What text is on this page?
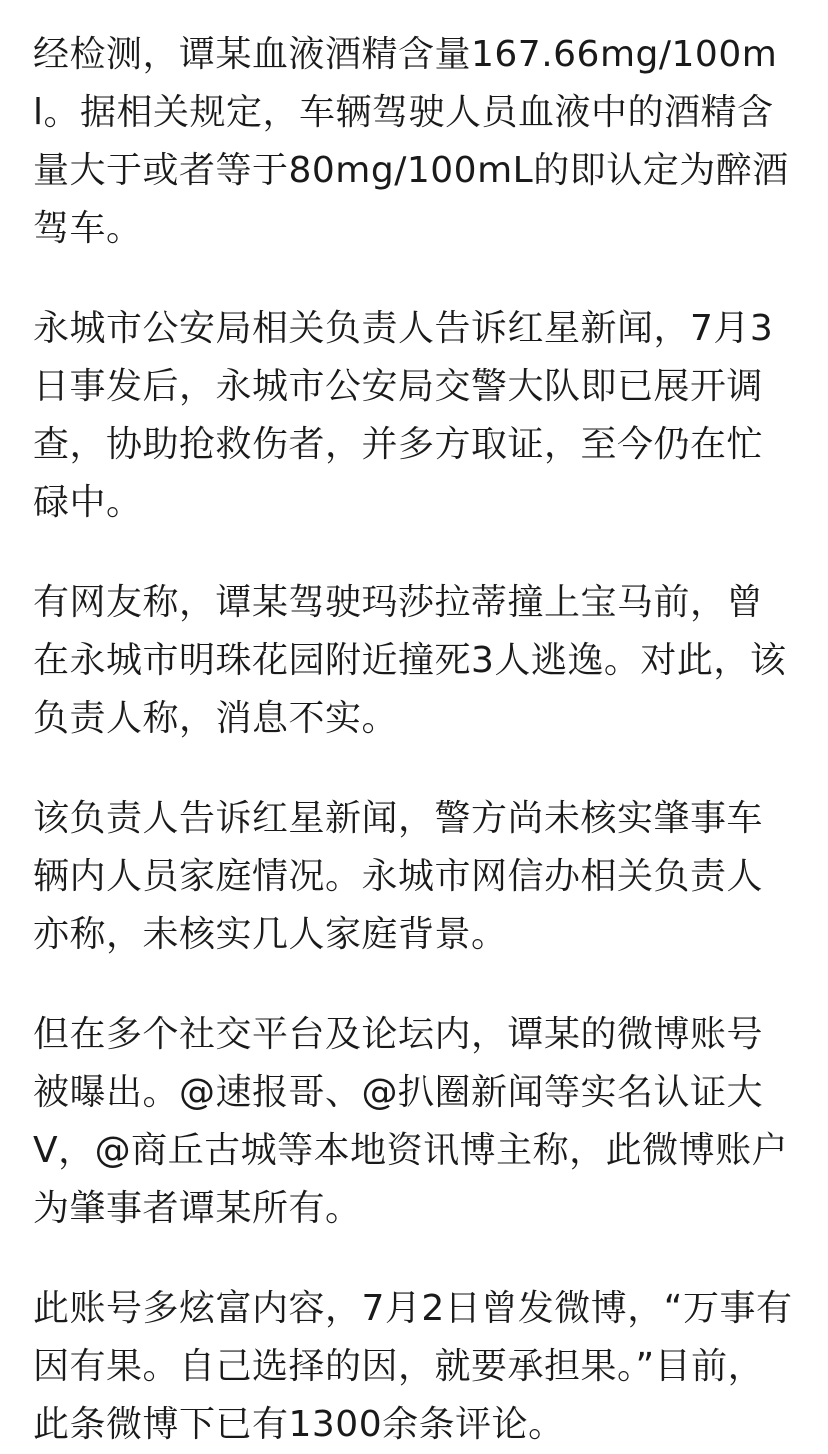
经检测，谭某血液酒精含量167.66mg/100ml。据相关规定，车辆驾驶人员血液中的酒精含量大于或者等于80mg/100mL的即认定为醉酒驾车。

永城市公安局相关负责人告诉红星新闻，7月3日事发后，永城市公安局交警大队即已展开调查，协助抢救伤者，并多方取证，至今仍在忙碌中。

有网友称，谭某驾驶玛莎拉蒂撞上宝马前，曾在永城市明珠花园附近撞死3人逃逸。对此，该负责人称，消息不实。

该负责人告诉红星新闻，警方尚未核实肇事车辆内人员家庭情况。永城市网信办相关负责人亦称，未核实几人家庭背景。

但在多个社交平台及论坛内，谭某的微博账号被曝出。@速报哥、@扒圈新闻等实名认证大V，@商丘古城等本地资讯博主称，此微博账户为肇事者谭某所有。

此账号多炫富内容，7月2日曾发微博，“万事有因有果。自己选择的因，就要承担果。”目前，此条微博下已有1300余条评论。
